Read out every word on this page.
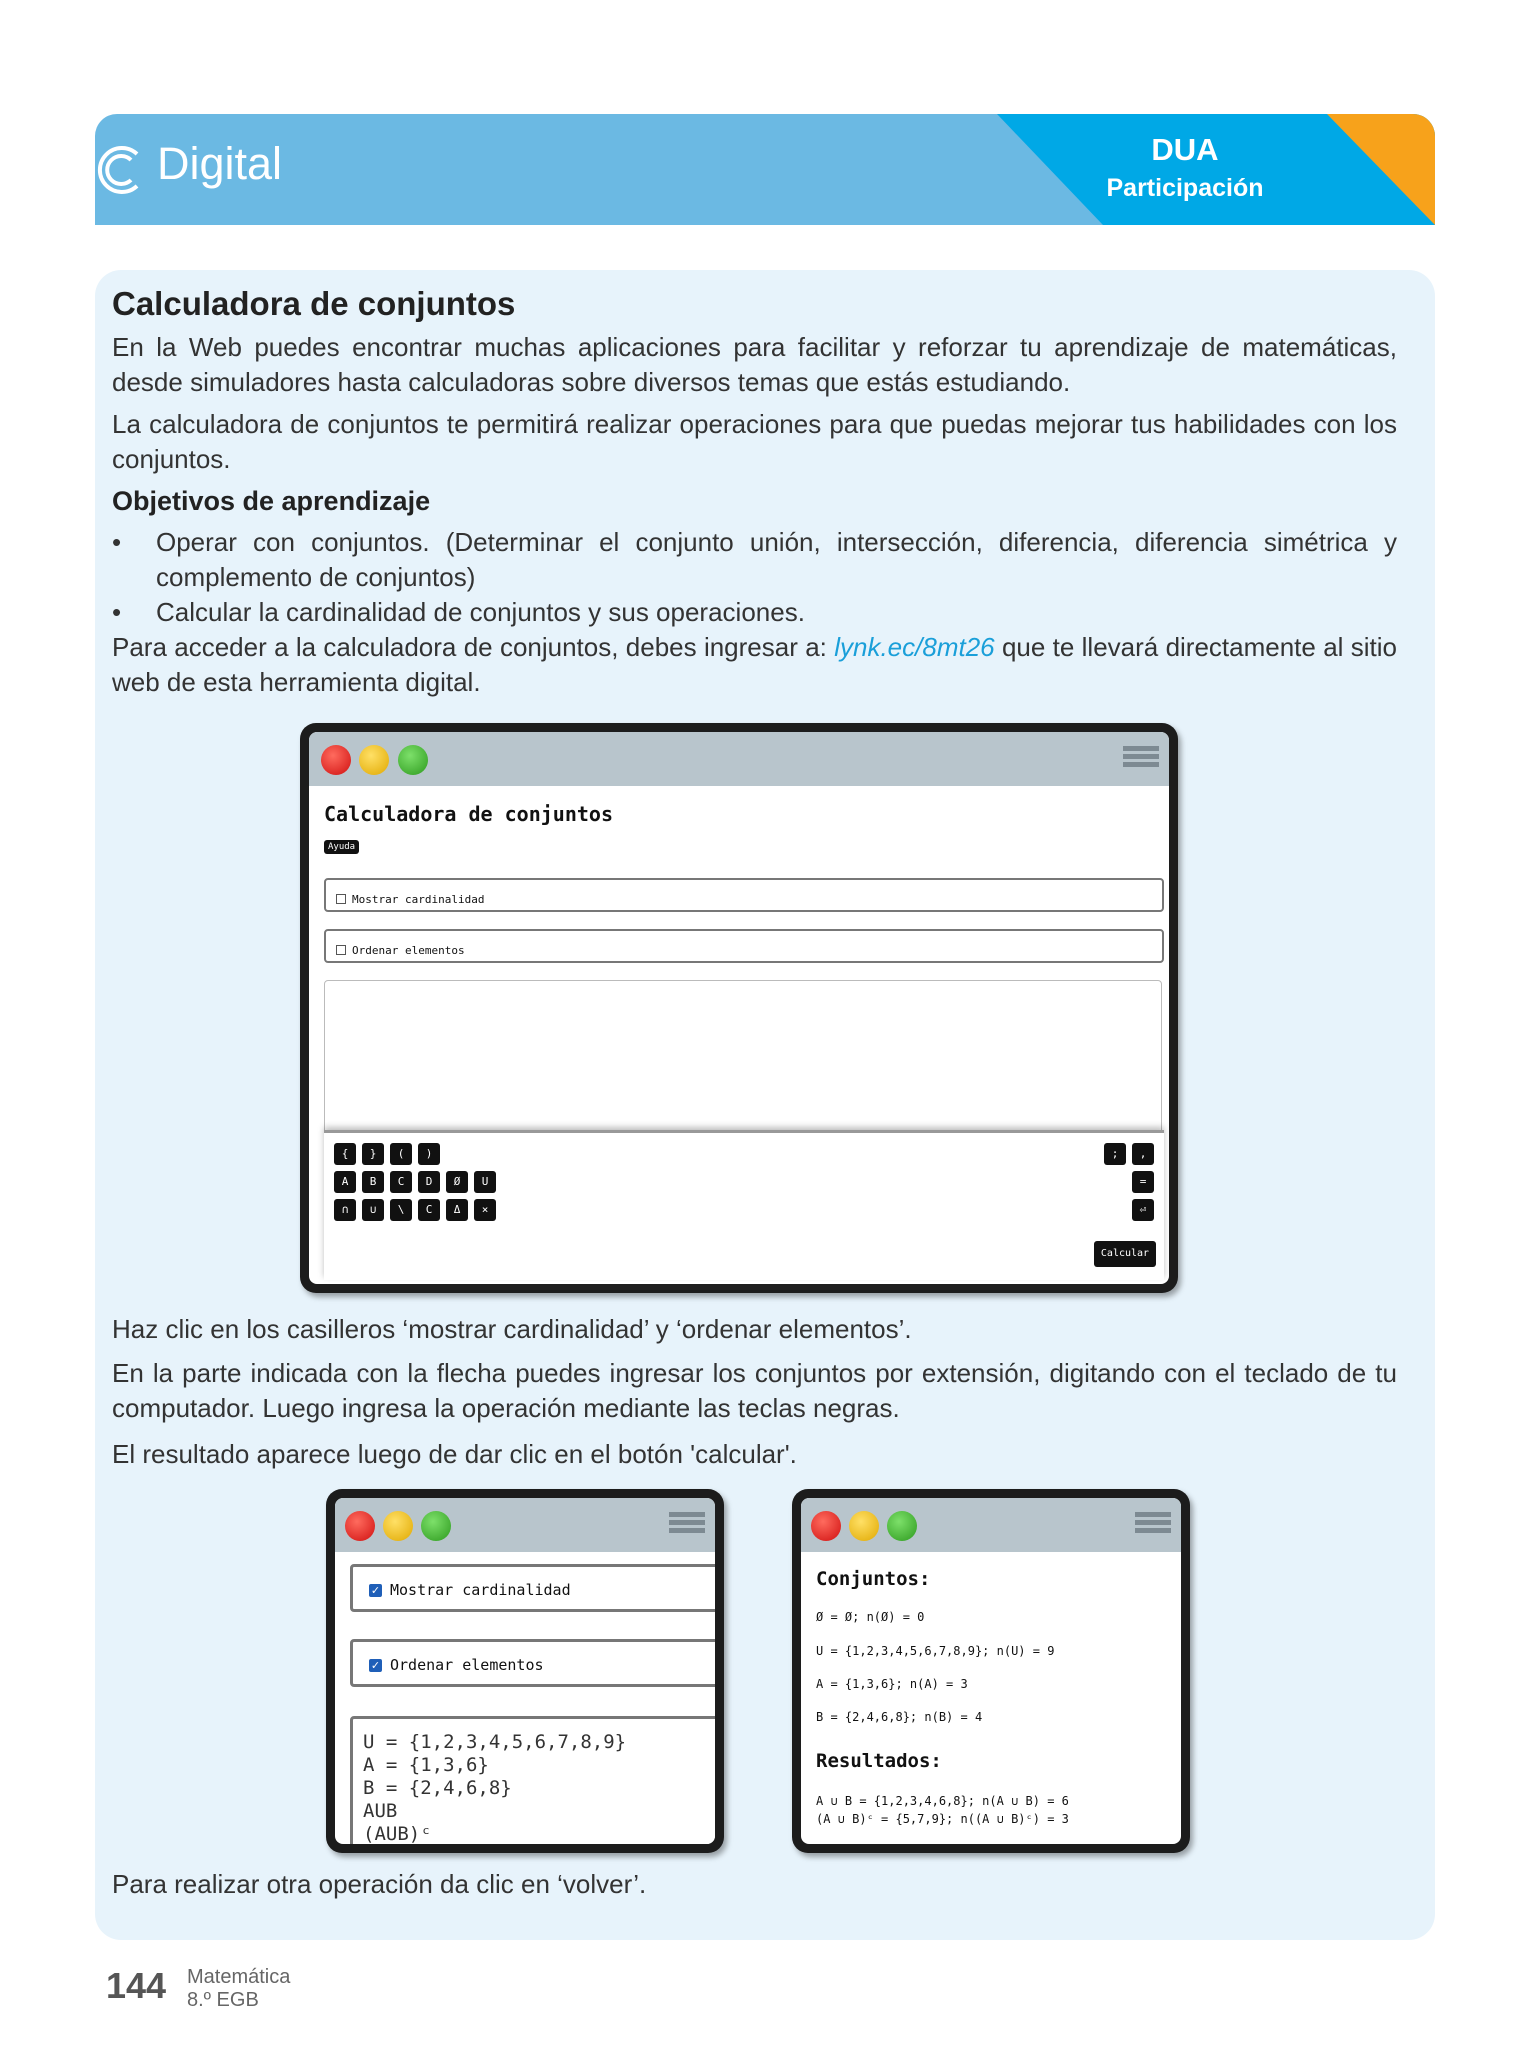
Digital	DUA
Participación
Calculadora de conjuntos
En la Web puedes encontrar muchas aplicaciones para facilitar y reforzar tu aprendizaje de matemáticas, desde simuladores hasta calculadoras sobre diversos temas que estás estudiando.
La calculadora de conjuntos te permitirá realizar operaciones para que puedas mejorar tus habilidades con los conjuntos.
Objetivos de aprendizaje
• Operar con conjuntos. (Determinar el conjunto unión, intersección, diferencia, diferencia simétrica y complemento de conjuntos)
• Calcular la cardinalidad de conjuntos y sus operaciones.
Para acceder a la calculadora de conjuntos, debes ingresar a: lynk.ec/8mt26 que te llevará directamente al sitio web de esta herramienta digital.
Calculadora de conjuntos
Ayuda
Mostrar cardinalidad
Ordenar elementos
{	}	(	)
A	B	C	D	Ø	U
∩	∪	\	C	Δ	×
;	,
=
⏎
Calcular
Haz clic en los casilleros ‘mostrar cardinalidad’ y ‘ordenar elementos’.
En la parte indicada con la flecha puedes ingresar los conjuntos por extensión, digitando con el teclado de tu computador. Luego ingresa la operación mediante las teclas negras.
El resultado aparece luego de dar clic en el botón 'calcular'.
✓ Mostrar cardinalidad
✓ Ordenar elementos
U = {1,2,3,4,5,6,7,8,9}
A = {1,3,6}
B = {2,4,6,8}
AUB
(AUB)ᶜ
Conjuntos:
Ø = Ø; n(Ø) = 0
U = {1,2,3,4,5,6,7,8,9}; n(U) = 9
A = {1,3,6}; n(A) = 3
B = {2,4,6,8}; n(B) = 4
Resultados:
A ∪ B = {1,2,3,4,6,8}; n(A ∪ B) = 6
(A ∪ B)ᶜ = {5,7,9}; n((A ∪ B)ᶜ) = 3
Para realizar otra operación da clic en ‘volver’.
144 Matemática
8.º EGB
